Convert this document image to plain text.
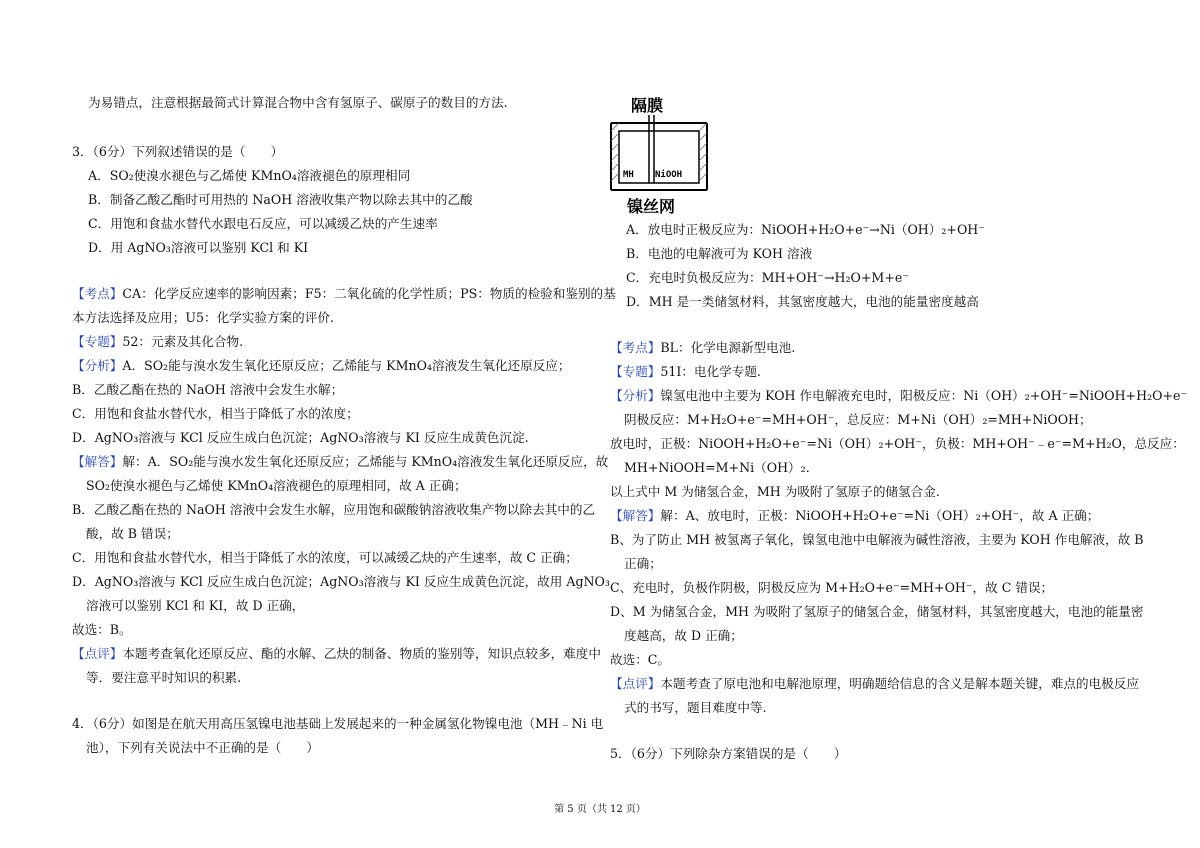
为易错点，注意根据最简式计算混合物中含有氢原子、碳原子的数目的方法.
3．（6分）下列叙述错误的是（　　）
A．SO₂使溴水褪色与乙烯使 KMnO₄溶液褪色的原理相同
B．制备乙酸乙酯时可用热的 NaOH 溶液收集产物以除去其中的乙酸
C．用饱和食盐水替代水跟电石反应，可以减缓乙炔的产生速率
D．用 AgNO₃溶液可以鉴别 KCl 和 KI
【考点】CA：化学反应速率的影响因素；F5：二氧化硫的化学性质；PS：物质的检验和鉴别的基
本方法选择及应用；U5：化学实验方案的评价.
【专题】52：元素及其化合物.
【分析】A．SO₂能与溴水发生氧化还原反应；乙烯能与 KMnO₄溶液发生氧化还原反应；
B．乙酸乙酯在热的 NaOH 溶液中会发生水解；
C．用饱和食盐水替代水，相当于降低了水的浓度；
D．AgNO₃溶液与 KCl 反应生成白色沉淀；AgNO₃溶液与 KI 反应生成黄色沉淀.
【解答】解：A．SO₂能与溴水发生氧化还原反应；乙烯能与 KMnO₄溶液发生氧化还原反应，故
SO₂使溴水褪色与乙烯使 KMnO₄溶液褪色的原理相同，故 A 正确；
B．乙酸乙酯在热的 NaOH 溶液中会发生水解，应用饱和碳酸钠溶液收集产物以除去其中的乙
酸，故 B 错误；
C．用饱和食盐水替代水，相当于降低了水的浓度，可以减缓乙炔的产生速率，故 C 正确；
D．AgNO₃溶液与 KCl 反应生成白色沉淀；AgNO₃溶液与 KI 反应生成黄色沉淀，故用 AgNO₃
溶液可以鉴别 KCl 和 KI，故 D 正确，
故选：B。
【点评】本题考查氧化还原反应、酯的水解、乙炔的制备、物质的鉴别等，知识点较多，难度中
等．要注意平时知识的积累.
4．（6分）如图是在航天用高压氢镍电池基础上发展起来的一种金属氢化物镍电池（MH﹣Ni 电
池），下列有关说法中不正确的是（　　）
隔膜
MH NiOOH
镍丝网
A．放电时正极反应为：NiOOH+H₂O+e⁻→Ni（OH）₂+OH⁻
B．电池的电解液可为 KOH 溶液
C．充电时负极反应为：MH+OH⁻→H₂O+M+e⁻
D．MH 是一类储氢材料，其氢密度越大，电池的能量密度越高
【考点】BL：化学电源新型电池.
【专题】51I：电化学专题.
【分析】镍氢电池中主要为 KOH 作电解液充电时，阳极反应：Ni（OH）₂+OH⁻=NiOOH+H₂O+e⁻
阴极反应：M+H₂O+e⁻=MH+OH⁻，总反应：M+Ni（OH）₂=MH+NiOOH；
放电时，正极：NiOOH+H₂O+e⁻=Ni（OH）₂+OH⁻，负极：MH+OH⁻﹣e⁻=M+H₂O，总反应：
MH+NiOOH=M+Ni（OH）₂．
以上式中 M 为储氢合金，MH 为吸附了氢原子的储氢合金.
【解答】解：A、放电时，正极：NiOOH+H₂O+e⁻=Ni（OH）₂+OH⁻，故 A 正确；
B、为了防止 MH 被氢离子氧化，镍氢电池中电解液为碱性溶液，主要为 KOH 作电解液，故 B
正确；
C、充电时，负极作阴极，阴极反应为 M+H₂O+e⁻=MH+OH⁻，故 C 错误；
D、M 为储氢合金，MH 为吸附了氢原子的储氢合金，储氢材料，其氢密度越大，电池的能量密
度越高，故 D 正确；
故选：C。
【点评】本题考查了原电池和电解池原理，明确题给信息的含义是解本题关键，难点的电极反应
式的书写，题目难度中等.
5．（6分）下列除杂方案错误的是（　　）
第 5 页（共 12 页）
